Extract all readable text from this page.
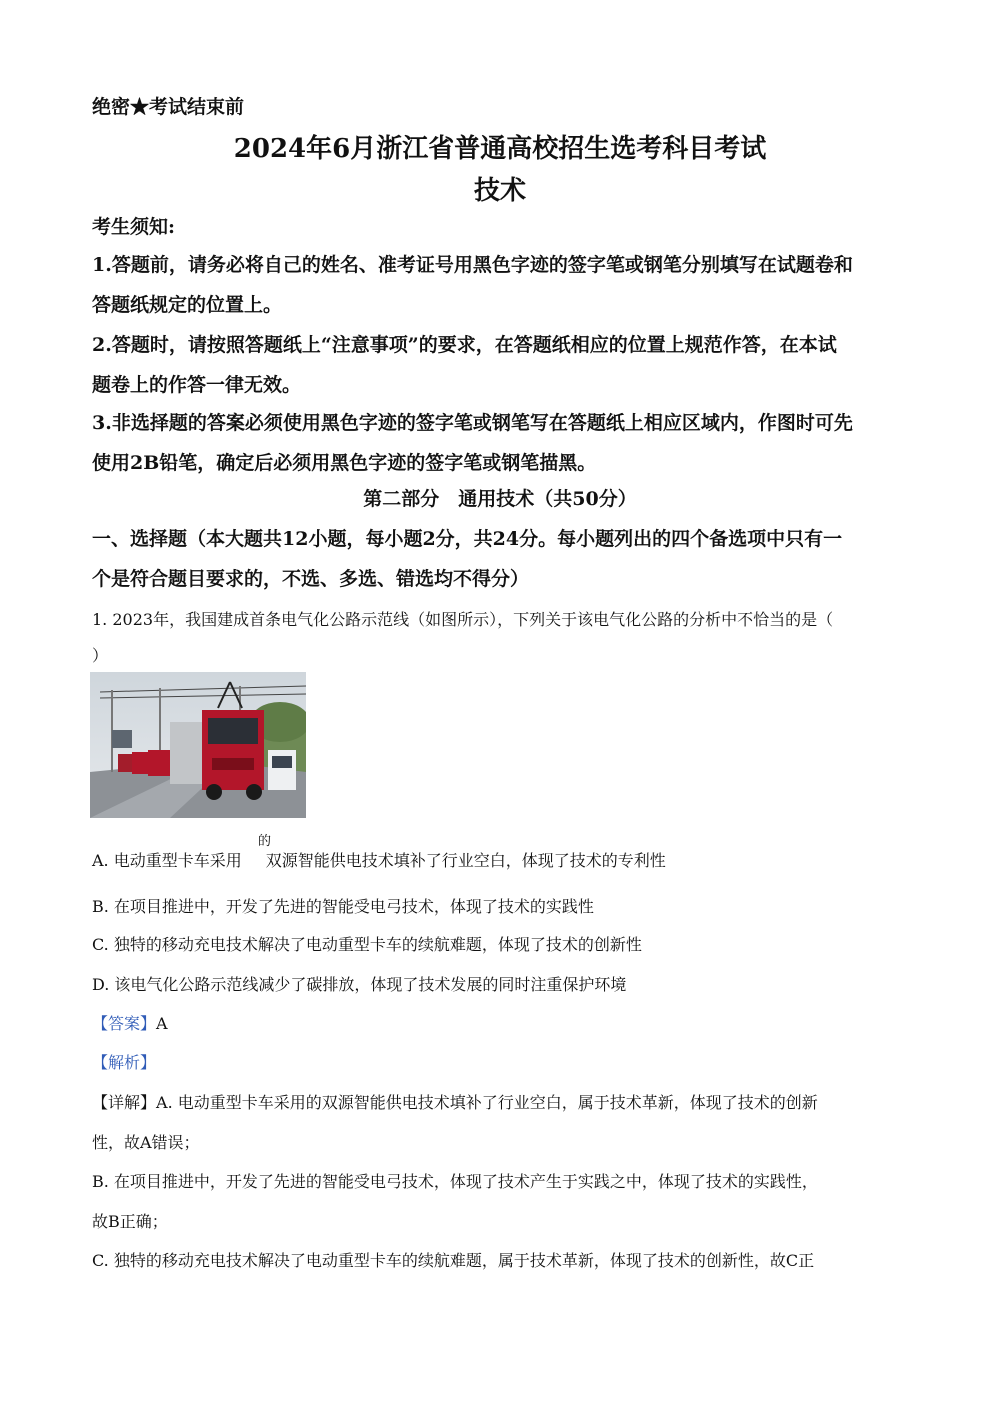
绝密★考试结束前
2024年6月浙江省普通高校招生选考科目考试
技术
考生须知:
1.答题前，请务必将自己的姓名、准考证号用黑色字迹的签字笔或钢笔分别填写在试题卷和
答题纸规定的位置上。
2.答题时，请按照答题纸上“注意事项”的要求，在答题纸相应的位置上规范作答，在本试
题卷上的作答一律无效。
3.非选择题的答案必须使用黑色字迹的签字笔或钢笔写在答题纸上相应区域内，作图时可先
使用2B铅笔，确定后必须用黑色字迹的签字笔或钢笔描黑。
第二部分　通用技术（共50分）
一、选择题（本大题共12小题，每小题2分，共24分。每小题列出的四个备选项中只有一
个是符合题目要求的，不选、多选、错选均不得分）
1. 2023年，我国建成首条电气化公路示范线（如图所示），下列关于该电气化公路的分析中不恰当的是（
）
A. 电动重型卡车采用 双源智能供电技术填补了行业空白，体现了技术的专利性
的
B. 在项目推进中，开发了先进的智能受电弓技术，体现了技术的实践性
C. 独特的移动充电技术解决了电动重型卡车的续航难题，体现了技术的创新性
D. 该电气化公路示范线减少了碳排放，体现了技术发展的同时注重保护环境
【答案】A
【解析】
【详解】A. 电动重型卡车采用的双源智能供电技术填补了行业空白，属于技术革新，体现了技术的创新
性，故A错误；
B. 在项目推进中，开发了先进的智能受电弓技术，体现了技术产生于实践之中，体现了技术的实践性，
故B正确；
C. 独特的移动充电技术解决了电动重型卡车的续航难题，属于技术革新，体现了技术的创新性，故C正
